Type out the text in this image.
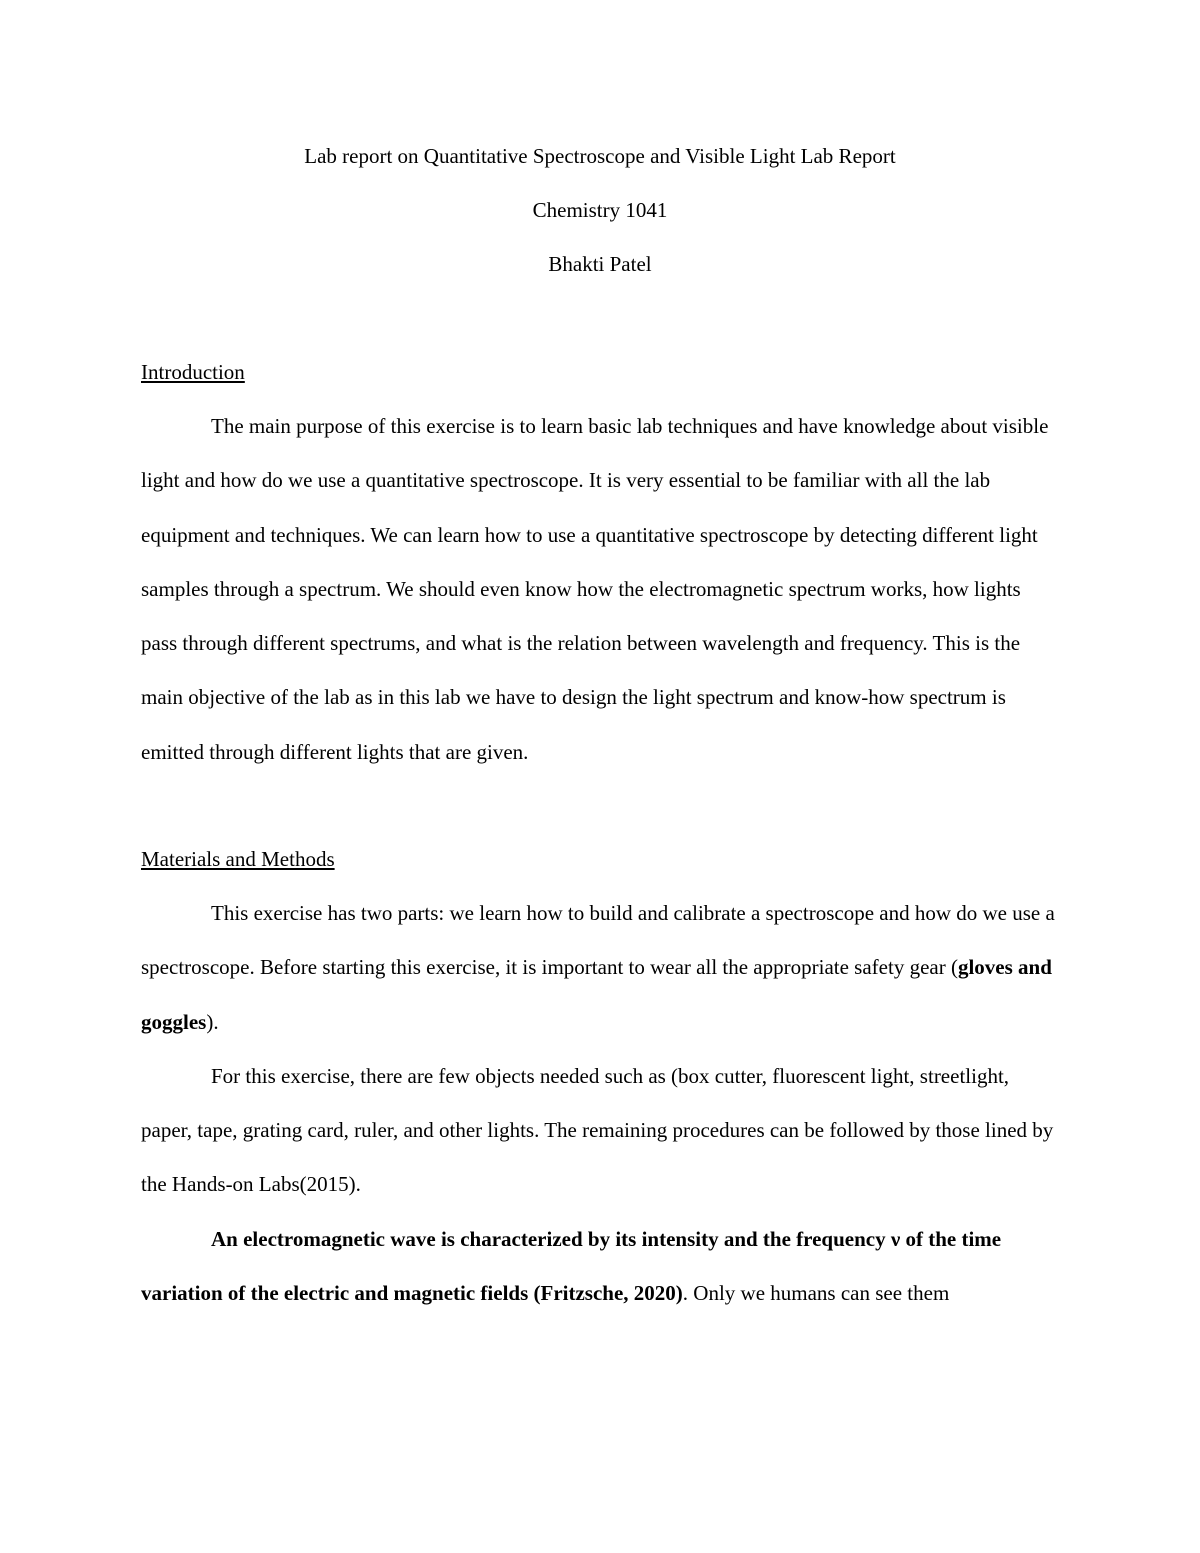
Lab report on Quantitative Spectroscope and Visible Light Lab Report
Chemistry 1041
Bhakti Patel
Introduction

The main purpose of this exercise is to learn basic lab techniques and have knowledge about visible light and how do we use a quantitative spectroscope. It is very essential to be familiar with all the lab equipment and techniques. We can learn how to use a quantitative spectroscope by detecting different light samples through a spectrum. We should even know how the electromagnetic spectrum works, how lights pass through different spectrums, and what is the relation between wavelength and frequency. This is the main objective of the lab as in this lab we have to design the light spectrum and know-how spectrum is emitted through different lights that are given.

Materials and Methods

This exercise has two parts: we learn how to build and calibrate a spectroscope and how do we use a spectroscope. Before starting this exercise, it is important to wear all the appropriate safety gear (gloves and goggles).

For this exercise, there are few objects needed such as (box cutter, fluorescent light, streetlight, paper, tape, grating card, ruler, and other lights. The remaining procedures can be followed by those lined by the Hands-on Labs(2015).

An electromagnetic wave is characterized by its intensity and the frequency ν of the time variation of the electric and magnetic fields (Fritzsche, 2020). Only we humans can see them
